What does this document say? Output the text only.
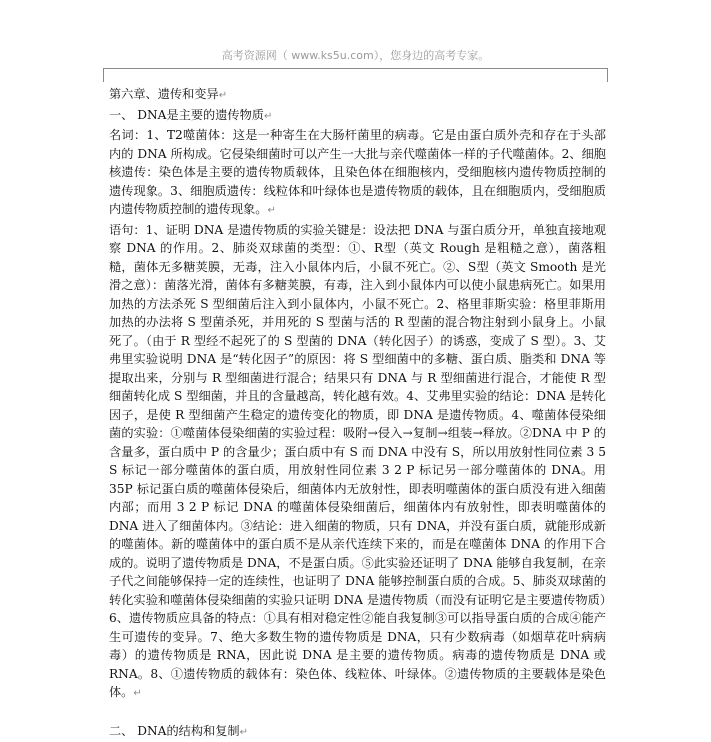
高考资源网（ www.ks5u.com），您身边的高考专家。

第六章、遗传和变异↵

一、 DNA是主要的遗传物质↵

名词：1、T2噬菌体：这是一种寄生在大肠杆菌里的病毒。它是由蛋白质外壳和存在于头部内的 DNA 所构成。它侵染细菌时可以产生一大批与亲代噬菌体一样的子代噬菌体。2、细胞核遗传：染色体是主要的遗传物质载体，且染色体在细胞核内，受细胞核内遗传物质控制的遗传现象。3、细胞质遗传：线粒体和叶绿体也是遗传物质的载体，且在细胞质内，受细胞质内遗传物质控制的遗传现象。↵

语句：1、证明 DNA 是遗传物质的实验关键是：设法把 DNA 与蛋白质分开，单独直接地观察 DNA 的作用。2、肺炎双球菌的类型：①、R型（英文 Rough 是粗糙之意），菌落粗糙，菌体无多糖荚膜，无毒，注入小鼠体内后，小鼠不死亡。②、S型（英文 Smooth 是光滑之意）：菌落光滑，菌体有多糖荚膜，有毒，注入到小鼠体内可以使小鼠患病死亡。如果用加热的方法杀死 S 型细菌后注入到小鼠体内，小鼠不死亡。2、格里菲斯实验：格里菲斯用加热的办法将 S 型菌杀死，并用死的 S 型菌与活的 R 型菌的混合物注射到小鼠身上。小鼠死了。（由于 R 型经不起死了的 S 型菌的 DNA（转化因子）的诱惑，变成了 S 型）。3、艾弗里实验说明 DNA 是“转化因子”的原因：将 S 型细菌中的多糖、蛋白质、脂类和 DNA 等提取出来，分别与 R 型细菌进行混合；结果只有 DNA 与 R 型细菌进行混合，才能使 R 型细菌转化成 S 型细菌，并且的含量越高，转化越有效。4、艾弗里实验的结论：DNA 是转化因子，是使 R 型细菌产生稳定的遗传变化的物质，即 DNA 是遗传物质。4、噬菌体侵染细菌的实验：①噬菌体侵染细菌的实验过程：吸附→侵入→复制→组装→释放。②DNA 中 P 的含量多，蛋白质中 P 的含量少；蛋白质中有 S 而 DNA 中没有 S，所以用放射性同位素 3 5 S 标记一部分噬菌体的蛋白质，用放射性同位素 3 2 P 标记另一部分噬菌体的 DNA。用 35P 标记蛋白质的噬菌体侵染后，细菌体内无放射性，即表明噬菌体的蛋白质没有进入细菌内部；而用 3 2 P 标记 DNA 的噬菌体侵染细菌后，细菌体内有放射性，即表明噬菌体的 DNA 进入了细菌体内。③结论：进入细菌的物质，只有 DNA，并没有蛋白质，就能形成新的噬菌体。新的噬菌体中的蛋白质不是从亲代连续下来的，而是在噬菌体 DNA 的作用下合成的。说明了遗传物质是 DNA，不是蛋白质。⑤此实验还证明了 DNA 能够自我复制，在亲子代之间能够保持一定的连续性，也证明了 DNA 能够控制蛋白质的合成。5、肺炎双球菌的转化实验和噬菌体侵染细菌的实验只证明 DNA 是遗传物质（而没有证明它是主要遗传物质）6、遗传物质应具备的特点：①具有相对稳定性②能自我复制③可以指导蛋白质的合成④能产生可遗传的变异。7、绝大多数生物的遗传物质是 DNA，只有少数病毒（如烟草花叶病病毒）的遗传物质是 RNA，因此说 DNA 是主要的遗传物质。病毒的遗传物质是 DNA 或 RNA。8、①遗传物质的载体有：染色体、线粒体、叶绿体。②遗传物质的主要载体是染色体。↵

二、 DNA的结构和复制↵
